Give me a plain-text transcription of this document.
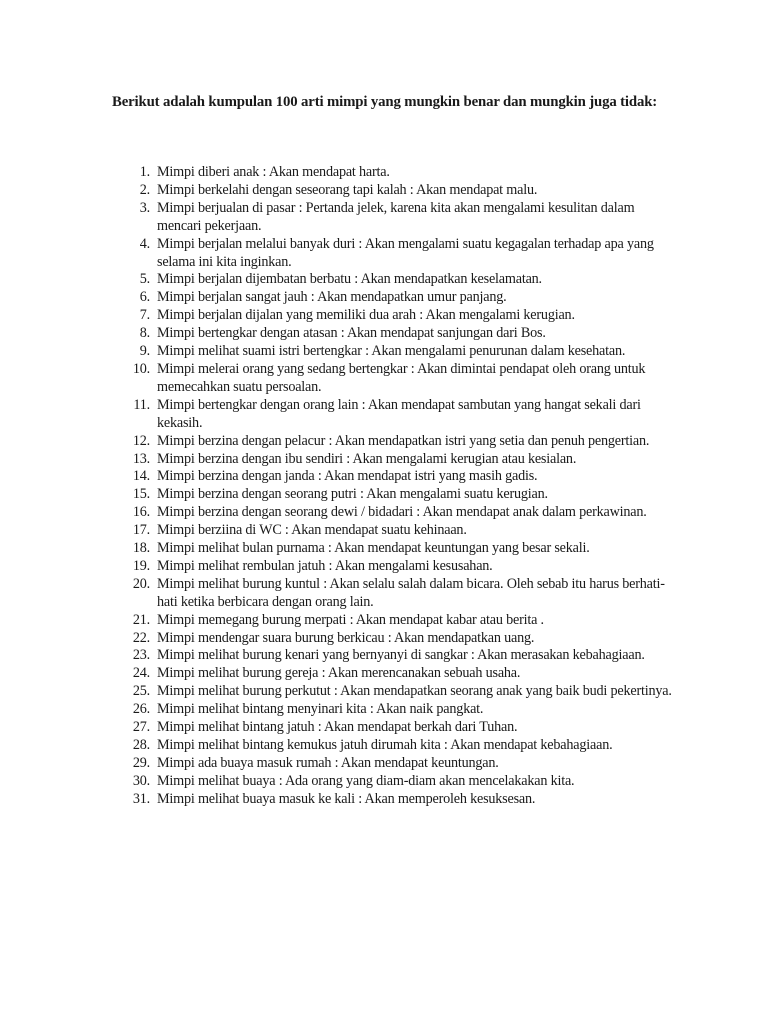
Berikut adalah kumpulan 100 arti mimpi yang mungkin benar dan mungkin juga tidak:

1. Mimpi diberi anak : Akan mendapat harta.
2. Mimpi berkelahi dengan seseorang tapi kalah : Akan mendapat malu.
3. Mimpi berjualan di pasar : Pertanda jelek, karena kita akan mengalami kesulitan dalam mencari pekerjaan.
4. Mimpi berjalan melalui banyak duri : Akan mengalami suatu kegagalan terhadap apa yang selama ini kita inginkan.
5. Mimpi berjalan dijembatan berbatu : Akan mendapatkan keselamatan.
6. Mimpi berjalan sangat jauh : Akan mendapatkan umur panjang.
7. Mimpi berjalan dijalan yang memiliki dua arah : Akan mengalami kerugian.
8. Mimpi bertengkar dengan atasan : Akan mendapat sanjungan dari Bos.
9. Mimpi melihat suami istri bertengkar : Akan mengalami penurunan dalam kesehatan.
10. Mimpi melerai orang yang sedang bertengkar : Akan dimintai pendapat oleh orang untuk memecahkan suatu persoalan.
11. Mimpi bertengkar dengan orang lain : Akan mendapat sambutan yang hangat sekali dari kekasih.
12. Mimpi berzina dengan pelacur : Akan mendapatkan istri yang setia dan penuh pengertian.
13. Mimpi berzina dengan ibu sendiri : Akan mengalami kerugian atau kesialan.
14. Mimpi berzina dengan janda : Akan mendapat istri yang masih gadis.
15. Mimpi berzina dengan seorang putri : Akan mengalami suatu kerugian.
16. Mimpi berzina dengan seorang dewi / bidadari : Akan mendapat anak dalam perkawinan.
17. Mimpi berziina di WC : Akan mendapat suatu kehinaan.
18. Mimpi melihat bulan purnama : Akan mendapat keuntungan yang besar sekali.
19. Mimpi melihat rembulan jatuh : Akan mengalami kesusahan.
20. Mimpi melihat burung kuntul : Akan selalu salah dalam bicara. Oleh sebab itu harus berhati-hati ketika berbicara dengan orang lain.
21. Mimpi memegang burung merpati : Akan mendapat kabar atau berita .
22. Mimpi mendengar suara burung berkicau : Akan mendapatkan uang.
23. Mimpi melihat burung kenari yang bernyanyi di sangkar : Akan merasakan kebahagiaan.
24. Mimpi melihat burung gereja : Akan merencanakan sebuah usaha.
25. Mimpi melihat burung perkutut : Akan mendapatkan seorang anak yang baik budi pekertinya.
26. Mimpi melihat bintang menyinari kita : Akan naik pangkat.
27. Mimpi melihat bintang jatuh : Akan mendapat berkah dari Tuhan.
28. Mimpi melihat bintang kemukus jatuh dirumah kita : Akan mendapat kebahagiaan.
29. Mimpi ada buaya masuk rumah : Akan mendapat keuntungan.
30. Mimpi melihat buaya : Ada orang yang diam-diam akan mencelakakan kita.
31. Mimpi melihat buaya masuk ke kali : Akan memperoleh kesuksesan.
